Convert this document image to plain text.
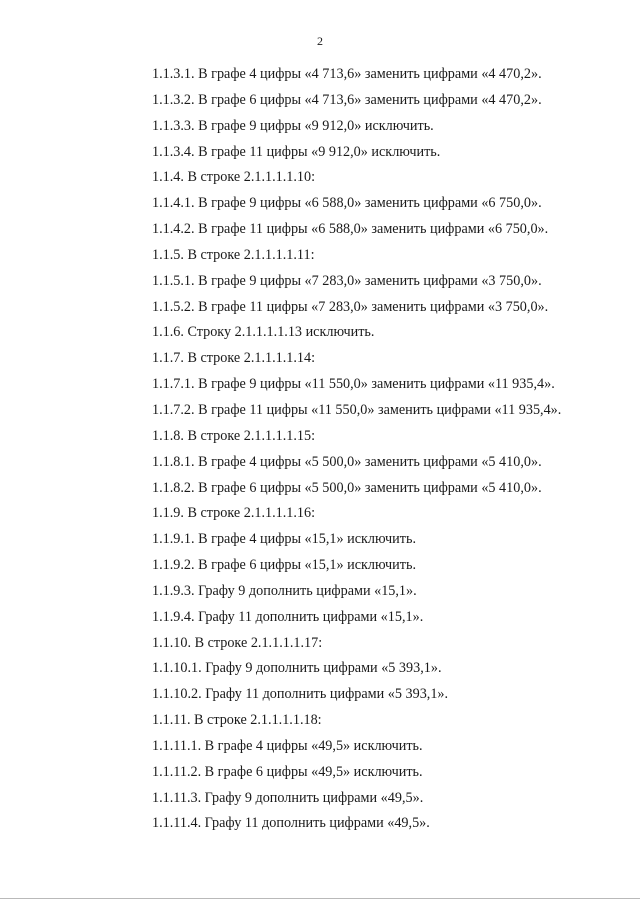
2
1.1.3.1. В графе 4 цифры «4 713,6» заменить цифрами «4 470,2».
1.1.3.2. В графе 6 цифры «4 713,6» заменить цифрами «4 470,2».
1.1.3.3. В графе 9 цифры «9 912,0» исключить.
1.1.3.4. В графе 11 цифры «9 912,0» исключить.
1.1.4. В строке 2.1.1.1.1.10:
1.1.4.1. В графе 9 цифры «6 588,0» заменить цифрами «6 750,0».
1.1.4.2. В графе 11 цифры «6 588,0» заменить цифрами «6 750,0».
1.1.5. В строке 2.1.1.1.1.11:
1.1.5.1. В графе 9 цифры «7 283,0» заменить цифрами «3 750,0».
1.1.5.2. В графе 11 цифры «7 283,0» заменить цифрами «3 750,0».
1.1.6. Строку 2.1.1.1.1.13 исключить.
1.1.7. В строке 2.1.1.1.1.14:
1.1.7.1. В графе 9 цифры «11 550,0» заменить цифрами «11 935,4».
1.1.7.2. В графе 11 цифры «11 550,0» заменить цифрами «11 935,4».
1.1.8. В строке 2.1.1.1.1.15:
1.1.8.1. В графе 4 цифры «5 500,0» заменить цифрами «5 410,0».
1.1.8.2. В графе 6 цифры «5 500,0» заменить цифрами «5 410,0».
1.1.9. В строке 2.1.1.1.1.16:
1.1.9.1. В графе 4 цифры «15,1» исключить.
1.1.9.2. В графе 6 цифры «15,1» исключить.
1.1.9.3. Графу 9 дополнить цифрами «15,1».
1.1.9.4. Графу 11 дополнить цифрами «15,1».
1.1.10. В строке 2.1.1.1.1.17:
1.1.10.1. Графу 9 дополнить цифрами «5 393,1».
1.1.10.2. Графу 11 дополнить цифрами «5 393,1».
1.1.11. В строке 2.1.1.1.1.18:
1.1.11.1. В графе 4 цифры «49,5» исключить.
1.1.11.2. В графе 6 цифры «49,5» исключить.
1.1.11.3. Графу 9 дополнить цифрами «49,5».
1.1.11.4. Графу 11 дополнить цифрами «49,5».
